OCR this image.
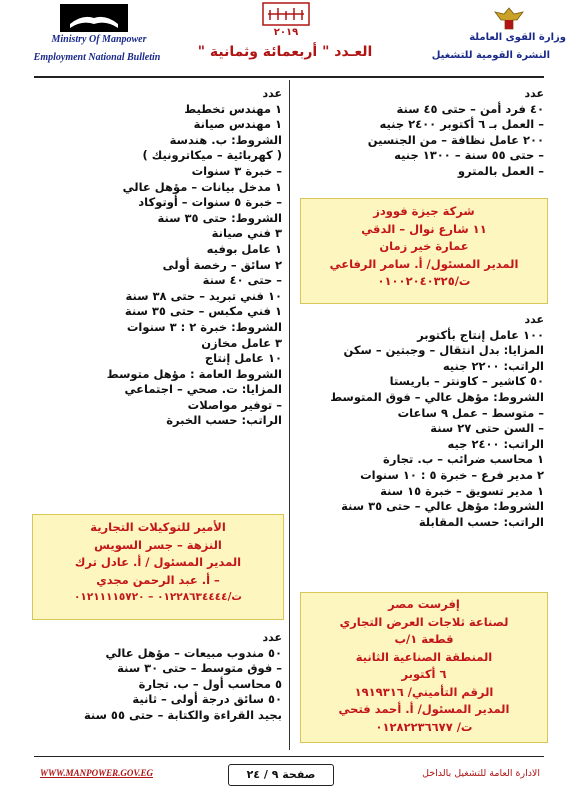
Ministry Of Manpower
Employment National Bulletin
٢٠١٩
العـدد " أربعمائة وثمانية "
وزارة القوى العاملة
النشرة القومية للتشغيل
عدد
٤٠ فرد أمن – حتى ٤٥ سنة
– العمل بـ ٦ أكتوبر ٢٤٠٠ جنيه
٢٠٠ عامل نظافة – من الجنسين
– حتى ٥٥ سنة – ١٣٠٠ جنيه
– العمل بالمترو
شركة جيزة فوودز
١١ شارع نوال – الدقي
عمارة خير زمان
المدير المسئول/ أ. سامر الرفاعي
ت/٠١٠٠٢٠٤٠٣٢٥
عدد
١٠٠ عامل إنتاج بأكتوبر
المزايا: بدل انتقال – وجبتين – سكن
الراتب: ٢٢٠٠ جنيه
٥٠ كاشير – كاونتر – باريستا
الشروط: مؤهل عالي – فوق المتوسط
– متوسط – عمل ٩ ساعات
– السن حتى ٢٧ سنة
الراتب: ٢٤٠٠ جيه
١ محاسب ضرائب – ب. تجارة
٢ مدير فرع – خبرة ٥ : ١٠ سنوات
١ مدير تسويق – خبرة ١٥ سنة
الشروط: مؤهل عالي – حتى ٣٥ سنة
الراتب: حسب المقابلة
إفرست مصر
لصناعة ثلاجات العرض التجاري
قطعة ١/ب
المنطقة الصناعية الثانية
٦ أكتوبر
الرقم التأميني/ ١٩١٩٣١٦
المدير المسئول/ أ. أحمد فتحي
ت/ ٠١٢٨٢٢٣٦٦٧٧
عدد
١ مهندس تخطيط
١ مهندس صيانة
الشروط: ب. هندسة
( كهربائية – ميكاترونيك )
– خبرة ٣ سنوات
١ مدخل بيانات – مؤهل عالي
– خبرة ٥ سنوات – أوتوكاد
الشروط: حتى ٣٥ سنة
٣ فني صيانة
١ عامل بوفيه
٢ سائق – رخصة أولى
– حتى ٤٠ سنة
١٠ فني تبريد – حتى ٣٨ سنة
١ فني مكبس – حتى ٣٥ سنة
الشروط: خبرة ٢ : ٣ سنوات
٣ عامل مخازن
١٠ عامل إنتاج
الشروط العامة : مؤهل متوسط
المزايا: ت. صحي – اجتماعي
– توفير مواصلات
الراتب: حسب الخبرة
الأمير للتوكيلات التجارية
النزهة – جسر السويس
المدير المسئول / أ. عادل ترك
– أ. عبد الرحمن مجدي
ت/٠١٢٢٨٦٣٤٤٤٤ – ٠١٢١١١١٥٧٢٠
عدد
٥٠ مندوب مبيعات – مؤهل عالي
– فوق متوسط – حتى ٣٠ سنة
٥ محاسب أول – ب. تجارة
٥٠ سائق درجة أولى – ثانية
بجيد القراءة والكتابة – حتى ٥٥ سنة
WWW.MANPOWER.GOV.EG	صفحة ٩ / ٢٤	الادارة العامة للتشغيل بالداخل
